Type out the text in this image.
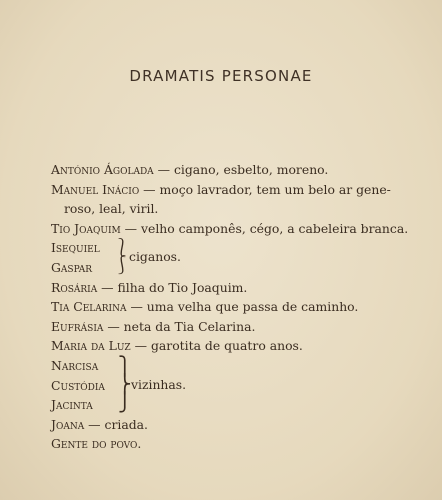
DRAMATIS PERSONAE
António Ágolada — cigano, esbelto, moreno.
Manuel Inácio — moço lavrador, tem um belo ar gene-
roso, leal, viril.
Tio Joaquim — velho camponês, cégo, a cabeleira branca.
Isequiel
Gaspar
⎱
⎰
ciganos.
Rosária — filha do Tio Joaquim.
Tia Celarina — uma velha que passa de caminho.
Eufrásia — neta da Tia Celarina.
Maria da Luz — garotita de quatro anos.
Narcisa
Custódia
Jacinta
⎫
⎬
⎭
vizinhas.
Joana — criada.
Gente do povo.
